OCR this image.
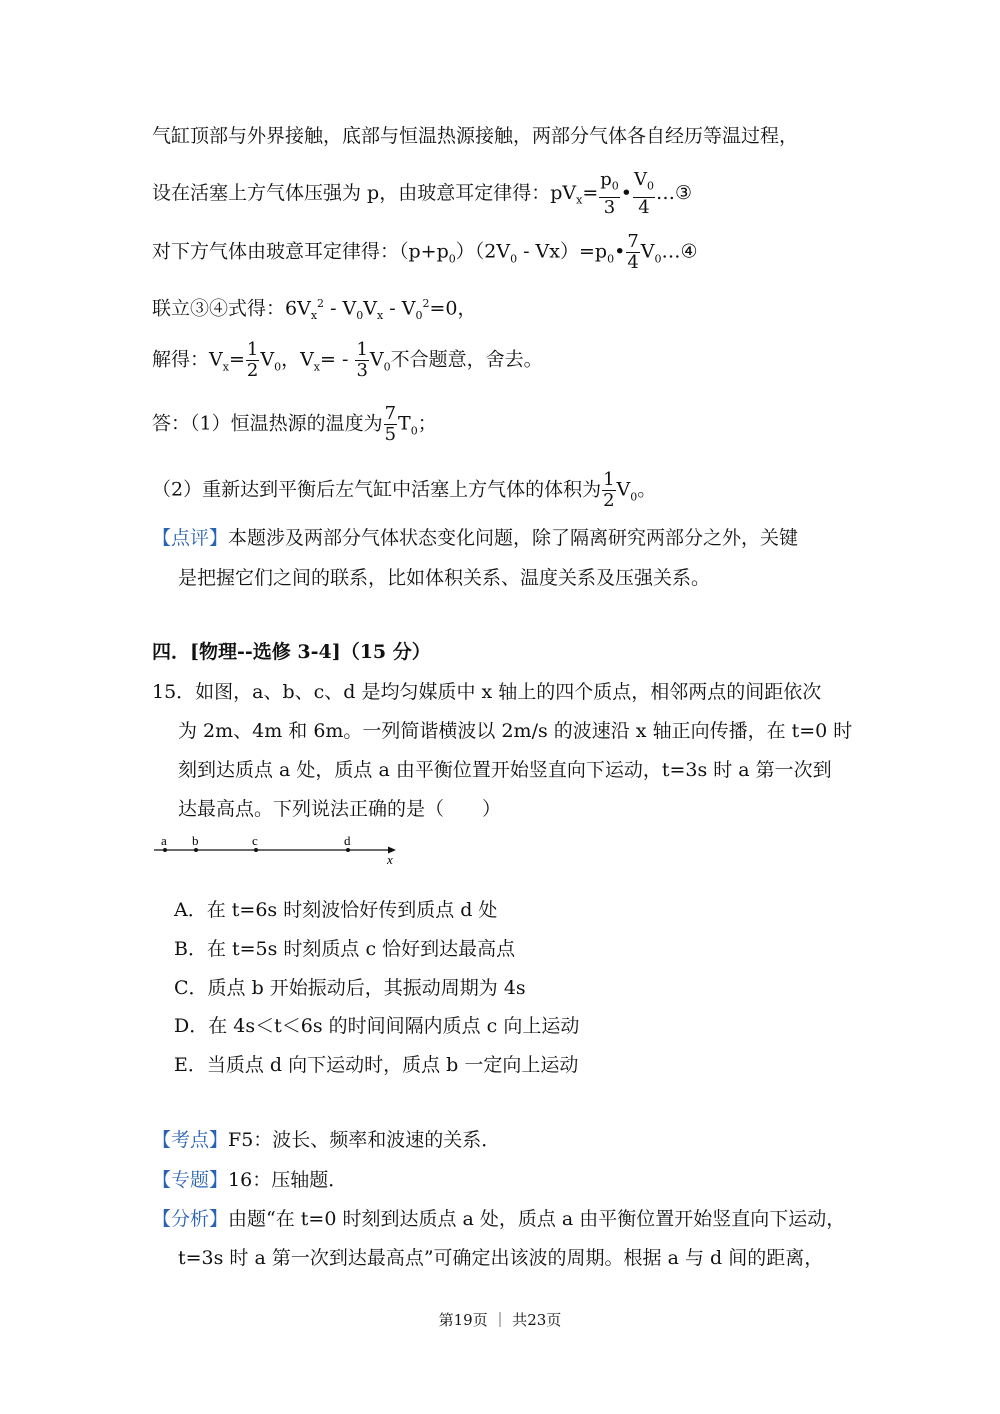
气缸顶部与外界接触，底部与恒温热源接触，两部分气体各自经历等温过程，
设在活塞上方气体压强为 p，由玻意耳定律得：$pV_x= \frac{p_0}{3}$ • $\frac{V_0}{4}$ …③
对下方气体由玻意耳定律得：$(p+p_0)(2V_0$ - $Vx)=p_0• \frac{7}{4}$ $V_0\dots ④$
联立③④式得：$6V_x^2 - V_0V_x - V_0^2=0$，
解得：$V_x= \frac{1}{2} V_0$，$V_x= - \frac{1}{3} V_0$不合题意，舍去。
答：（1）恒温热源的温度为 $\frac{7}{5} T_0$；
（2）重新达到平衡后左气缸中活塞上方气体的体积为 $\frac{1}{2} V_0$。
【点评】本题涉及两部分气体状态变化问题，除了隔离研究两部分之外，关键
是把握它们之间的联系，比如体积关系、温度关系及压强关系。
四．[物理--选修 3-4]（15 分）
15．如图，a、b、c、d 是均匀媒质中 x 轴上的四个质点，相邻两点的间距依次
为 2m、4m 和 6m。一列简谐横波以 2m/s 的波速沿 x 轴正向传播，在 t=0 时
刻到达质点 a 处，质点 a 由平衡位置开始竖直向下运动，t=3s 时 a 第一次到
达最高点。下列说法正确的是（　　）
a b	c	d
x
A．在 t=6s 时刻波恰好传到质点 d 处
B．在 t=5s 时刻质点 c 恰好到达最高点
C．质点 b 开始振动后，其振动周期为 4s
D．在 4s＜t＜6s 的时间间隔内质点 c 向上运动
E．当质点 d 向下运动时，质点 b 一定向上运动
【考点】F5：波长、频率和波速的关系．
【专题】16：压轴题．
【分析】由题“在 t=0 时刻到达质点 a 处，质点 a 由平衡位置开始竖直向下运动，
t=3s 时 a 第一次到达最高点”可确定出该波的周期。根据 a 与 d 间的距离，
第19页 ｜ 共23页
